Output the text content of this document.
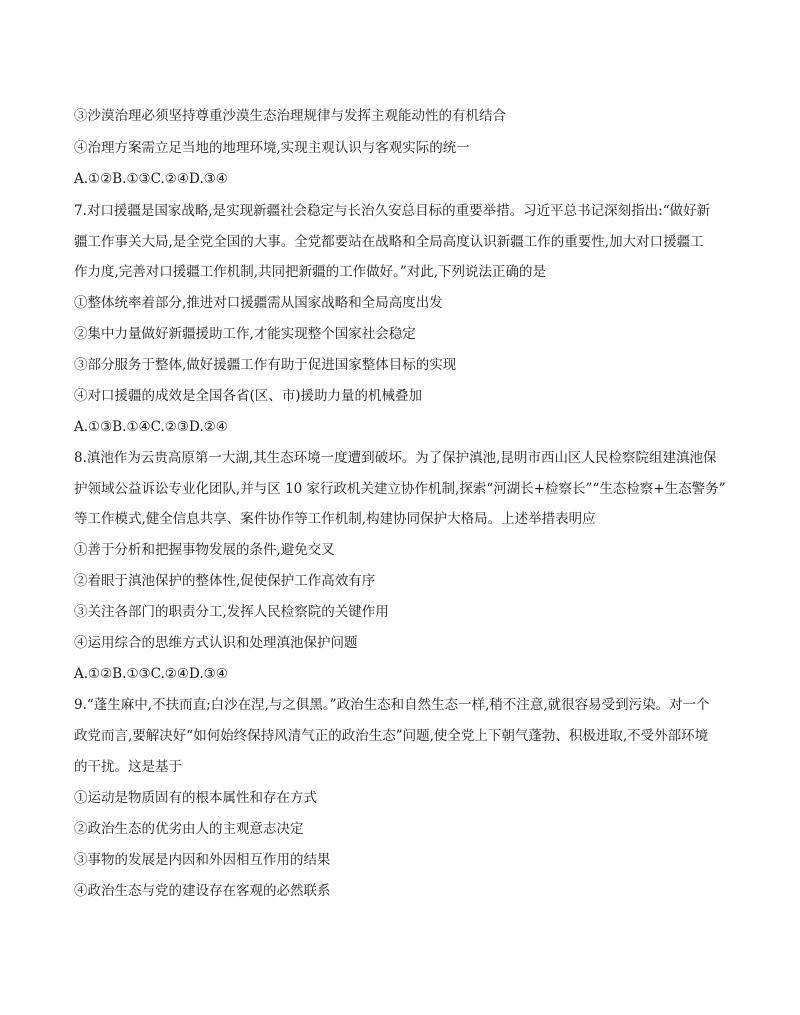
③沙漠治理必须坚持尊重沙漠生态治理规律与发挥主观能动性的有机结合
④治理方案需立足当地的地理环境,实现主观认识与客观实际的统一
A.①②B.①③C.②④D.③④
7.对口援疆是国家战略,是实现新疆社会稳定与长治久安总目标的重要举措。习近平总书记深刻指出:“做好新
疆工作事关大局,是全党全国的大事。全党都要站在战略和全局高度认识新疆工作的重要性,加大对口援疆工
作力度,完善对口援疆工作机制,共同把新疆的工作做好。”对此,下列说法正确的是
①整体统率着部分,推进对口援疆需从国家战略和全局高度出发
②集中力量做好新疆援助工作,才能实现整个国家社会稳定
③部分服务于整体,做好援疆工作有助于促进国家整体目标的实现
④对口援疆的成效是全国各省(区、市)援助力量的机械叠加
A.①③B.①④C.②③D.②④
8.滇池作为云贵高原第一大湖,其生态环境一度遭到破坏。为了保护滇池,昆明市西山区人民检察院组建滇池保
护领域公益诉讼专业化团队,并与区 10 家行政机关建立协作机制,探索“河湖长+检察长”“生态检察+生态警务”
等工作模式,健全信息共享、案件协作等工作机制,构建协同保护大格局。上述举措表明应
①善于分析和把握事物发展的条件,避免交叉
②着眼于滇池保护的整体性,促使保护工作高效有序
③关注各部门的职责分工,发挥人民检察院的关键作用
④运用综合的思维方式认识和处理滇池保护问题
A.①②B.①③C.②④D.③④
9.“蓬生麻中,不扶而直;白沙在涅,与之俱黑。”政治生态和自然生态一样,稍不注意,就很容易受到污染。对一个
政党而言,要解决好“如何始终保持风清气正的政治生态”问题,使全党上下朝气蓬勃、积极进取,不受外部环境
的干扰。这是基于
①运动是物质固有的根本属性和存在方式
②政治生态的优劣由人的主观意志决定
③事物的发展是内因和外因相互作用的结果
④政治生态与党的建设存在客观的必然联系
